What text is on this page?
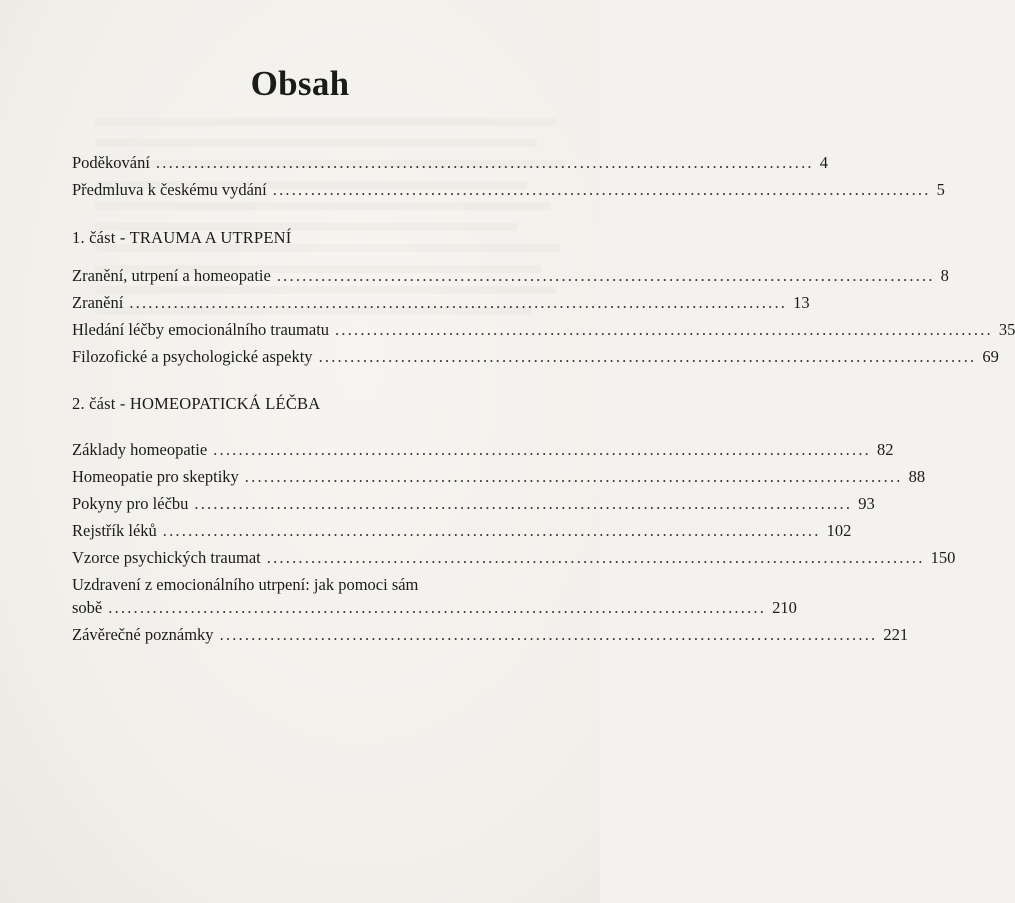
Obsah
Poděkování ........................................................................................................ 4
Předmluva k českému vydání ........................................................................................................ 5
1. část - TRAUMA A UTRPENÍ
Zranění, utrpení a homeopatie ........................................................................................................ 8
Zranění ........................................................................................................ 13
Hledání léčby emocionálního traumatu ........................................................................................................ 35
Filozofické a psychologické aspekty ........................................................................................................ 69
2. část - HOMEOPATICKÁ LÉČBA
Základy homeopatie ........................................................................................................ 82
Homeopatie pro skeptiky ........................................................................................................ 88
Pokyny pro léčbu ........................................................................................................ 93
Rejstřík léků ........................................................................................................ 102
Vzorce psychických traumat ........................................................................................................ 150
Uzdravení z emocionálního utrpení: jak pomoci sám
sobě ........................................................................................................ 210
Závěrečné poznámky ........................................................................................................ 221
